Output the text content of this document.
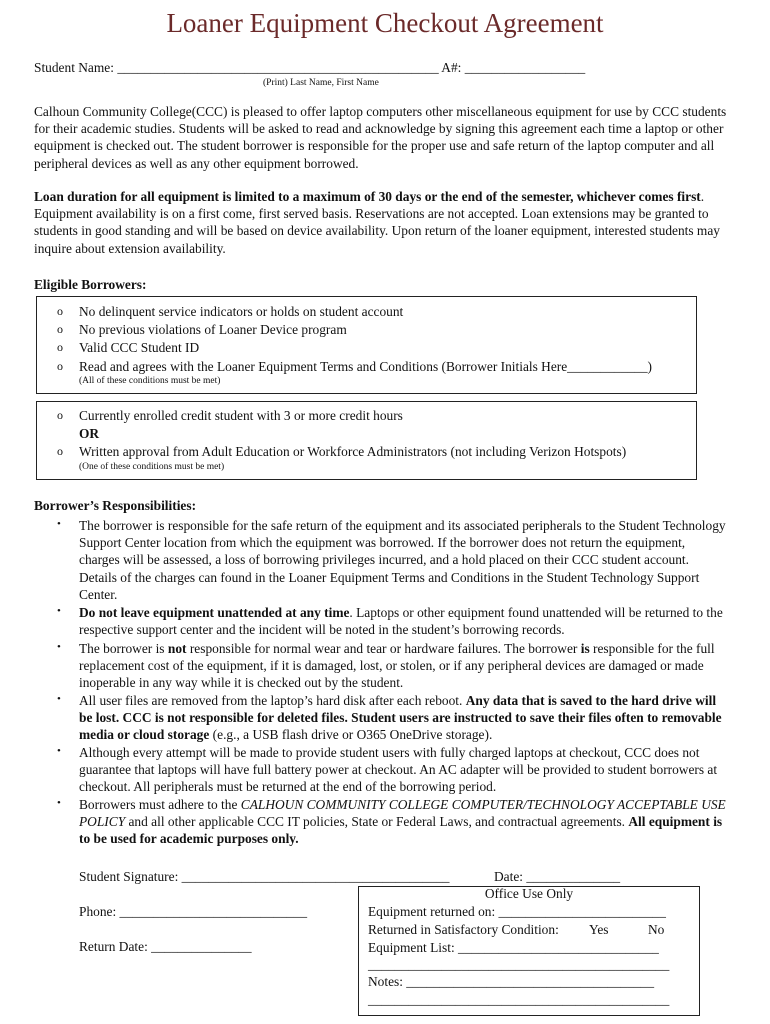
Loaner Equipment Checkout Agreement
Student Name: ________________________________________________ A#: __________________
(Print) Last Name, First Name
Calhoun Community College(CCC) is pleased to offer laptop computers other miscellaneous equipment for use by CCC students for their academic studies. Students will be asked to read and acknowledge by signing this agreement each time a laptop or other equipment is checked out. The student borrower is responsible for the proper use and safe return of the laptop computer and all peripheral devices as well as any other equipment borrowed.
Loan duration for all equipment is limited to a maximum of 30 days or the end of the semester, whichever comes first. Equipment availability is on a first come, first served basis. Reservations are not accepted. Loan extensions may be granted to students in good standing and will be based on device availability. Upon return of the loaner equipment, interested students may inquire about extension availability.
Eligible Borrowers:
o
o
o
o
No delinquent service indicators or holds on student account
No previous violations of Loaner Device program
Valid CCC Student ID
Read and agrees with the Loaner Equipment Terms and Conditions (Borrower Initials Here____________)
(All of these conditions must be met)
o
o
Currently enrolled credit student with 3 or more credit hours
OR
Written approval from Adult Education or Workforce Administrators (not including Verizon Hotspots)
(One of these conditions must be met)
Borrower’s Responsibilities:
• The borrower is responsible for the safe return of the equipment and its associated peripherals to the Student Technology Support Center location from which the equipment was borrowed. If the borrower does not return the equipment, charges will be assessed, a loss of borrowing privileges incurred, and a hold placed on their CCC student account. Details of the charges can found in the Loaner Equipment Terms and Conditions in the Student Technology Support Center.
• Do not leave equipment unattended at any time. Laptops or other equipment found unattended will be returned to the respective support center and the incident will be noted in the student’s borrowing records.
• The borrower is not responsible for normal wear and tear or hardware failures. The borrower is responsible for the full replacement cost of the equipment, if it is damaged, lost, or stolen, or if any peripheral devices are damaged or made inoperable in any way while it is checked out by the student.
• All user files are removed from the laptop’s hard disk after each reboot. Any data that is saved to the hard drive will be lost. CCC is not responsible for deleted files. Student users are instructed to save their files often to removable media or cloud storage (e.g., a USB flash drive or O365 OneDrive storage).
• Although every attempt will be made to provide student users with fully charged laptops at checkout, CCC does not guarantee that laptops will have full battery power at checkout. An AC adapter will be provided to student borrowers at checkout. All peripherals must be returned at the end of the borrowing period.
• Borrowers must adhere to the CALHOUN COMMUNITY COLLEGE COMPUTER/TECHNOLOGY ACCEPTABLE USE POLICY and all other applicable CCC IT policies, State or Federal Laws, and contractual agreements. All equipment is to be used for academic purposes only.
Student Signature: ________________________________________	Date: ______________
Phone: ____________________________
Return Date: _______________
Office Use Only
Equipment returned on: _________________________
Returned in Satisfactory Condition: Yes	No
Equipment List: ______________________________
_____________________________________________
Notes: _____________________________________
_____________________________________________
